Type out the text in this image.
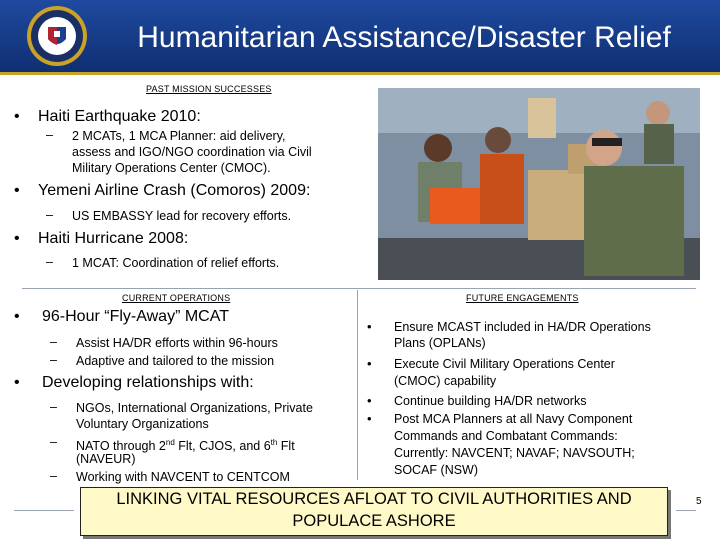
Humanitarian Assistance/Disaster Relief
PAST MISSION SUCCESSES
• Haiti Earthquake 2010:
– 2 MCATs, 1 MCA Planner: aid delivery,
assess and IGO/NGO coordination via Civil
Military Operations Center (CMOC).
• Yemeni Airline Crash (Comoros) 2009:
– US EMBASSY lead for recovery efforts.
• Haiti Hurricane 2008:
– 1 MCAT: Coordination of relief efforts.
CURRENT OPERATIONS
• 96-Hour “Fly-Away” MCAT
– Assist HA/DR efforts within 96-hours
– Adaptive and tailored to the mission
• Developing relationships with:
– NGOs, International Organizations, Private
Voluntary Organizations
– NATO through 2nd Flt, CJOS, and 6th Flt
(NAVEUR)
– Working with NAVCENT to CENTCOM
FUTURE ENGAGEMENTS
• Ensure MCAST included in HA/DR Operations
Plans (OPLANs)
• Execute Civil Military Operations Center
(CMOC) capability
• Continue building HA/DR networks
• Post MCA Planners at all Navy Component
Commands and Combatant Commands:
Currently: NAVCENT; NAVAF; NAVSOUTH;
SOCAF (NSW)
LINKING VITAL RESOURCES AFLOAT TO CIVIL AUTHORITIES AND
POPULACE ASHORE
5
